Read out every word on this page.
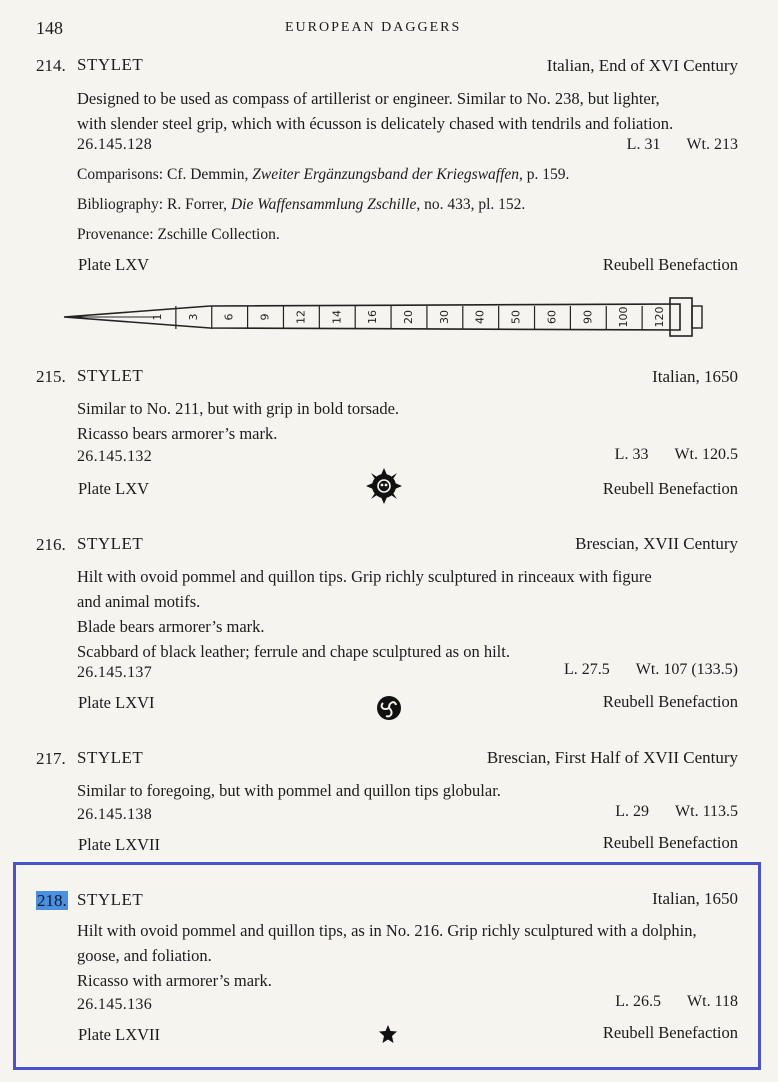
148	EUROPEAN DAGGERS
214. STYLET	Italian, End of XVI Century

Designed to be used as compass of artillerist or engineer. Similar to No. 238, but lighter,

with slender steel grip, which with écusson is delicately chased with tendrils and foliation.

26.145.128	L. 31 Wt. 213
Comparisons: Cf. Demmin, Zweiter Ergänzungsband der Kriegswaffen, p. 159.
Bibliography: R. Forrer, Die Waffensammlung Zschille, no. 433, pl. 152.
Provenance: Zschille Collection.
Plate LXV	Reubell Benefaction
1 3 6 9 12 14 16 20 30 40 50 60 90 100 120
215. STYLET	Italian, 1650

Similar to No. 211, but with grip in bold torsade.

Ricasso bears armorer’s mark.

26.145.132	L. 33 Wt. 120.5
Plate LXV	Reubell Benefaction
216. STYLET	Brescian, XVII Century

Hilt with ovoid pommel and quillon tips. Grip richly sculptured in rinceaux with figure

and animal motifs.

Blade bears armorer’s mark.

Scabbard of black leather; ferrule and chape sculptured as on hilt.

26.145.137	L. 27.5 Wt. 107 (133.5)
Plate LXVI	Reubell Benefaction
217. STYLET	Brescian, First Half of XVII Century

Similar to foregoing, but with pommel and quillon tips globular.

26.145.138	L. 29 Wt. 113.5
Plate LXVII	Reubell Benefaction
218. STYLET	Italian, 1650

Hilt with ovoid pommel and quillon tips, as in No. 216. Grip richly sculptured with a dolphin,

goose, and foliation.

Ricasso with armorer’s mark.

26.145.136	L. 26.5 Wt. 118
Plate LXVII	Reubell Benefaction
